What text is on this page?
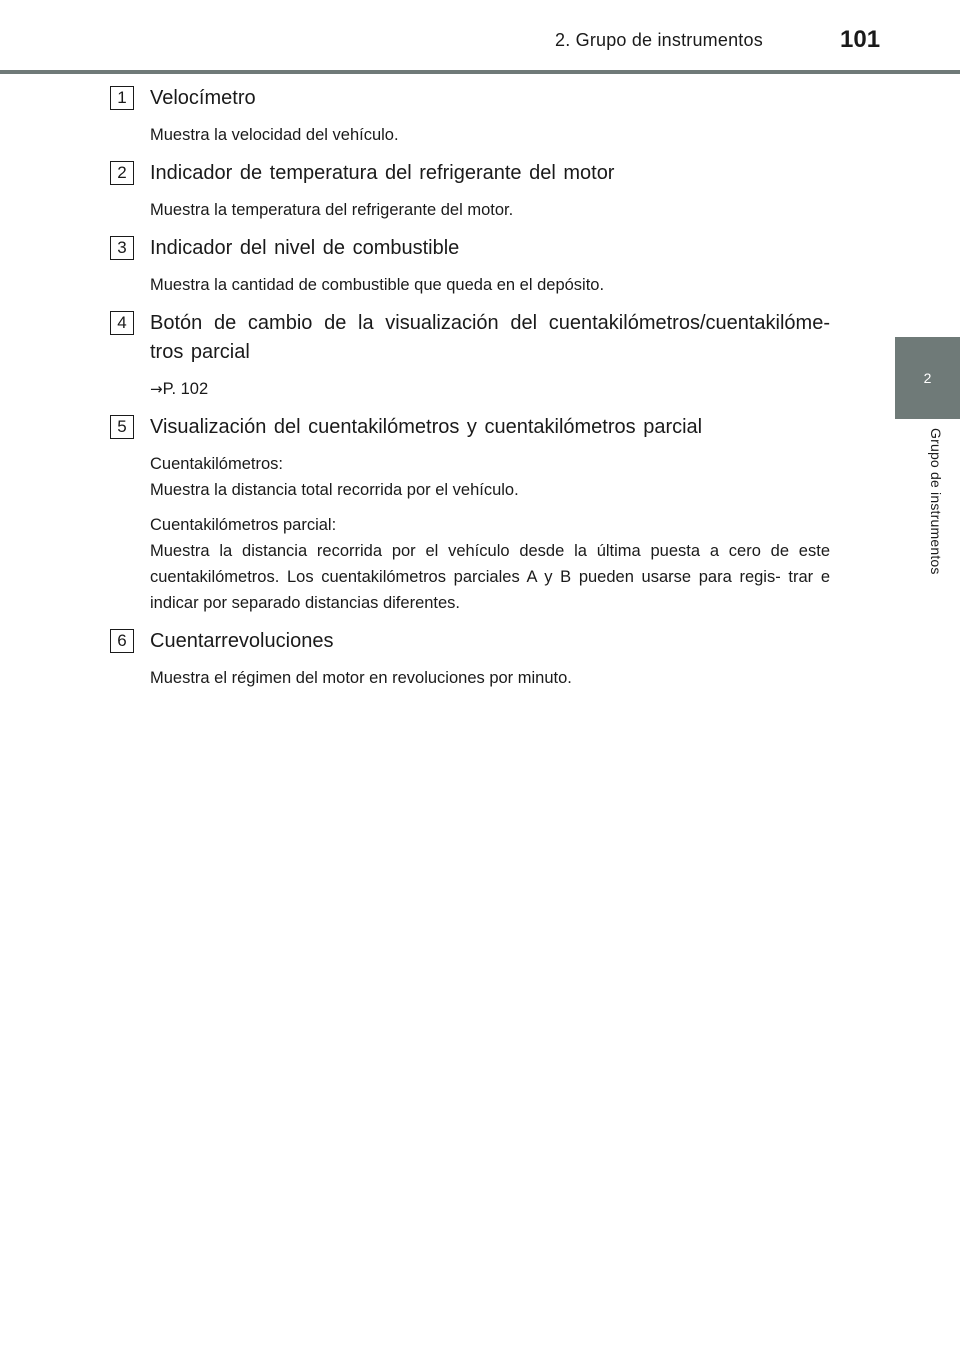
2. Grupo de instrumentos	101
2
Grupo de instrumentos
1	Velocímetro

Muestra la velocidad del vehículo.

2	Indicador de temperatura del refrigerante del motor

Muestra la temperatura del refrigerante del motor.

3	Indicador del nivel de combustible

Muestra la cantidad de combustible que queda en el depósito.

4	Botón de cambio de la visualización del cuentakilómetros/cuentakilóme- tros parcial

→P. 102

5	Visualización del cuentakilómetros y cuentakilómetros parcial

Cuentakilómetros:

Muestra la distancia total recorrida por el vehículo.

Cuentakilómetros parcial:

Muestra la distancia recorrida por el vehículo desde la última puesta a cero de este cuentakilómetros. Los cuentakilómetros parciales A y B pueden usarse para regis- trar e indicar por separado distancias diferentes.

6	Cuentarrevoluciones

Muestra el régimen del motor en revoluciones por minuto.
